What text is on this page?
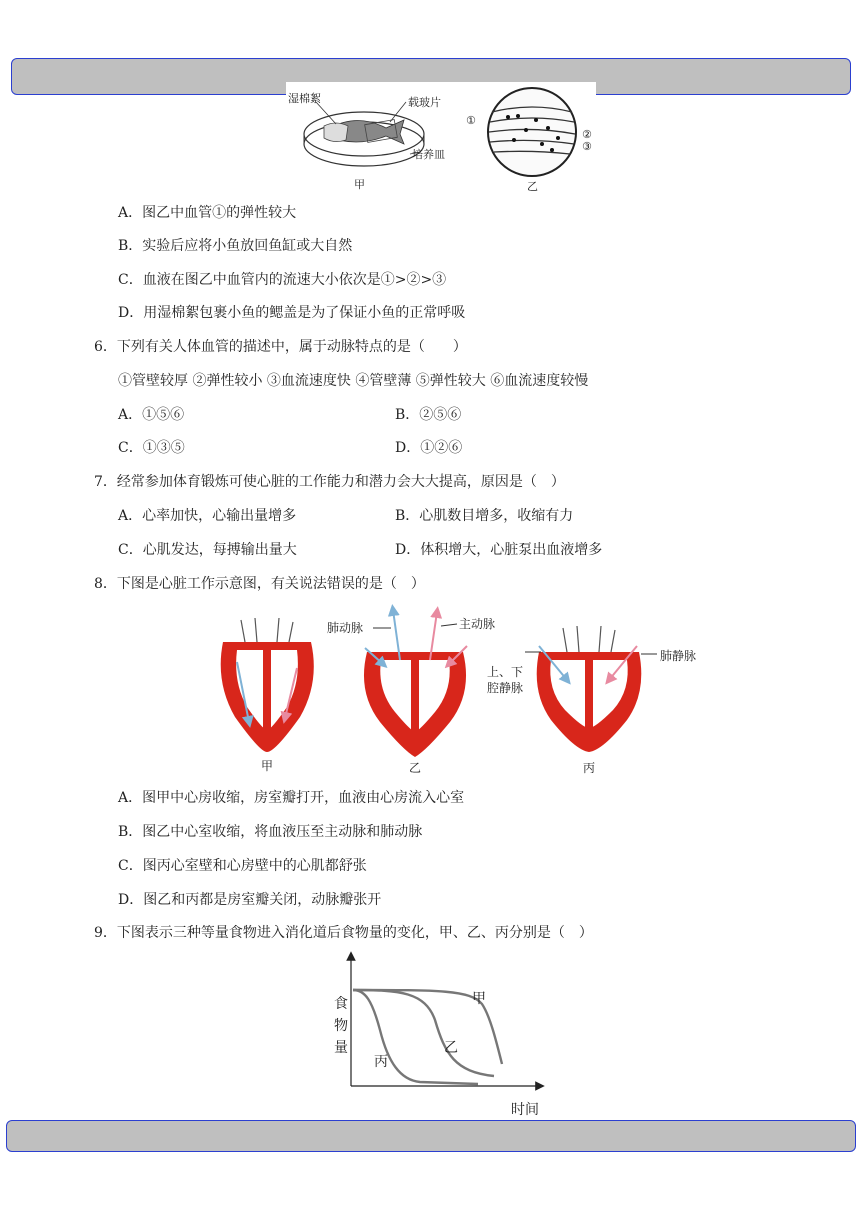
湿棉絮	载玻片
培养皿
甲
①
②
③
乙
A．图乙中血管①的弹性较大
B．实验后应将小鱼放回鱼缸或大自然
C．血液在图乙中血管内的流速大小依次是①>②>③
D．用湿棉絮包裹小鱼的鳃盖是为了保证小鱼的正常呼吸
6．下列有关人体血管的描述中，属于动脉特点的是（　　）
①管壁较厚 ②弹性较小 ③血流速度快 ④管壁薄 ⑤弹性较大 ⑥血流速度较慢
A．①⑤⑥	B．②⑤⑥
C．①③⑤	D．①②⑥
7．经常参加体育锻炼可使心脏的工作能力和潜力会大大提高，原因是（　）
A．心率加快，心输出量增多	B．心肌数目增多，收缩有力
C．心肌发达，每搏输出量大	D．体积增大，心脏泵出血液增多
8．下图是心脏工作示意图，有关说法错误的是（　）
甲
肺动脉	主动脉
乙
上、下
腔静脉
肺静脉
丙
A．图甲中心房收缩，房室瓣打开，血液由心房流入心室
B．图乙中心室收缩，将血液压至主动脉和肺动脉
C．图丙心室壁和心房壁中的心肌都舒张
D．图乙和丙都是房室瓣关闭，动脉瓣张开
9．下图表示三种等量食物进入消化道后食物量的变化，甲、乙、丙分别是（　）
食
物
量
甲
乙
丙
时间
